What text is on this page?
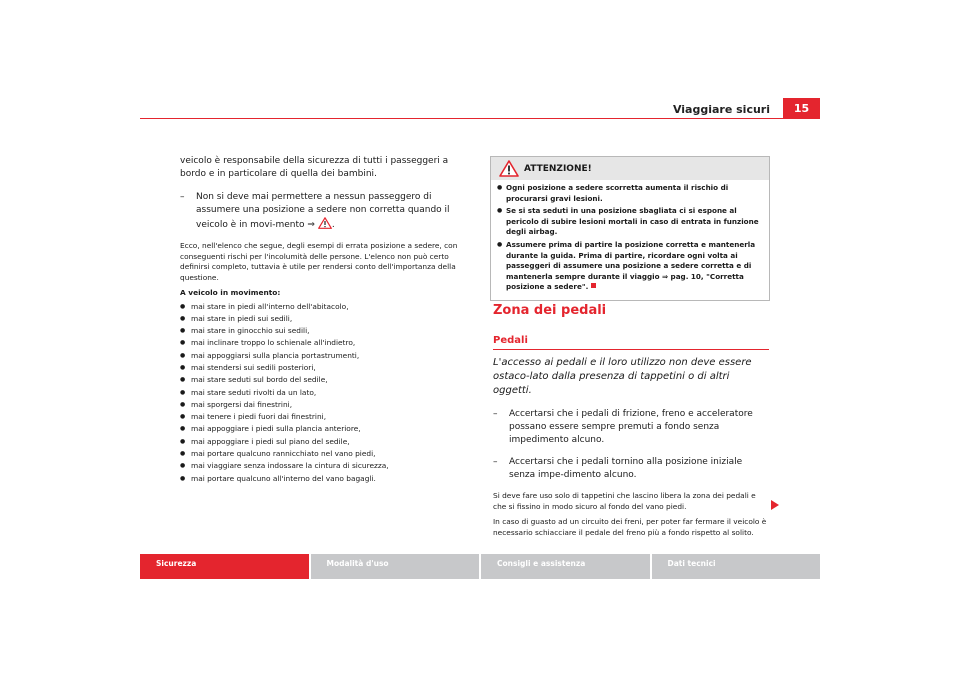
Viaggiare sicuri	15

veicolo è responsabile della sicurezza di tutti i passeggeri a bordo e in particolare di quella dei bambini.

– Non si deve mai permettere a nessun passeggero di assumere una posizione a sedere non corretta quando il veicolo è in movi-mento ⇒ .

Ecco, nell'elenco che segue, degli esempi di errata posizione a sedere, con conseguenti rischi per l'incolumità delle persone. L'elenco non può certo definirsi completo, tuttavia è utile per rendersi conto dell'importanza della questione.

A veicolo in movimento:

● mai stare in piedi all'interno dell'abitacolo,
● mai stare in piedi sui sedili,
● mai stare in ginocchio sui sedili,
● mai inclinare troppo lo schienale all'indietro,
● mai appoggiarsi sulla plancia portastrumenti,
● mai stendersi sui sedili posteriori,
● mai stare seduti sul bordo del sedile,
● mai stare seduti rivolti da un lato,
● mai sporgersi dai finestrini,
● mai tenere i piedi fuori dai finestrini,
● mai appoggiare i piedi sulla plancia anteriore,
● mai appoggiare i piedi sul piano del sedile,
● mai portare qualcuno rannicchiato nel vano piedi,
● mai viaggiare senza indossare la cintura di sicurezza,
● mai portare qualcuno all'interno del vano bagagli.
ATTENZIONE!

● Ogni posizione a sedere scorretta aumenta il rischio di procurarsi gravi lesioni.

● Se si sta seduti in una posizione sbagliata ci si espone al pericolo di subire lesioni mortali in caso di entrata in funzione degli airbag.

● Assumere prima di partire la posizione corretta e mantenerla durante la guida. Prima di partire, ricordare ogni volta ai passeggeri di assumere una posizione a sedere corretta e di mantenerla sempre durante il viaggio ⇒ pag. 10, "Corretta posizione a sedere".

Zona dei pedali
Pedali

L'accesso ai pedali e il loro utilizzo non deve essere ostaco-lato dalla presenza di tappetini o di altri oggetti.

– Accertarsi che i pedali di frizione, freno e acceleratore possano essere sempre premuti a fondo senza impedimento alcuno.
– Accertarsi che i pedali tornino alla posizione iniziale senza impe-dimento alcuno.

Si deve fare uso solo di tappetini che lascino libera la zona dei pedali e che si fissino in modo sicuro al fondo del vano piedi.

In caso di guasto ad un circuito dei freni, per poter far fermare il veicolo è necessario schiacciare il pedale del freno più a fondo rispetto al solito.

Sicurezza	Modalità d'uso	Consigli e assistenza	Dati tecnici
